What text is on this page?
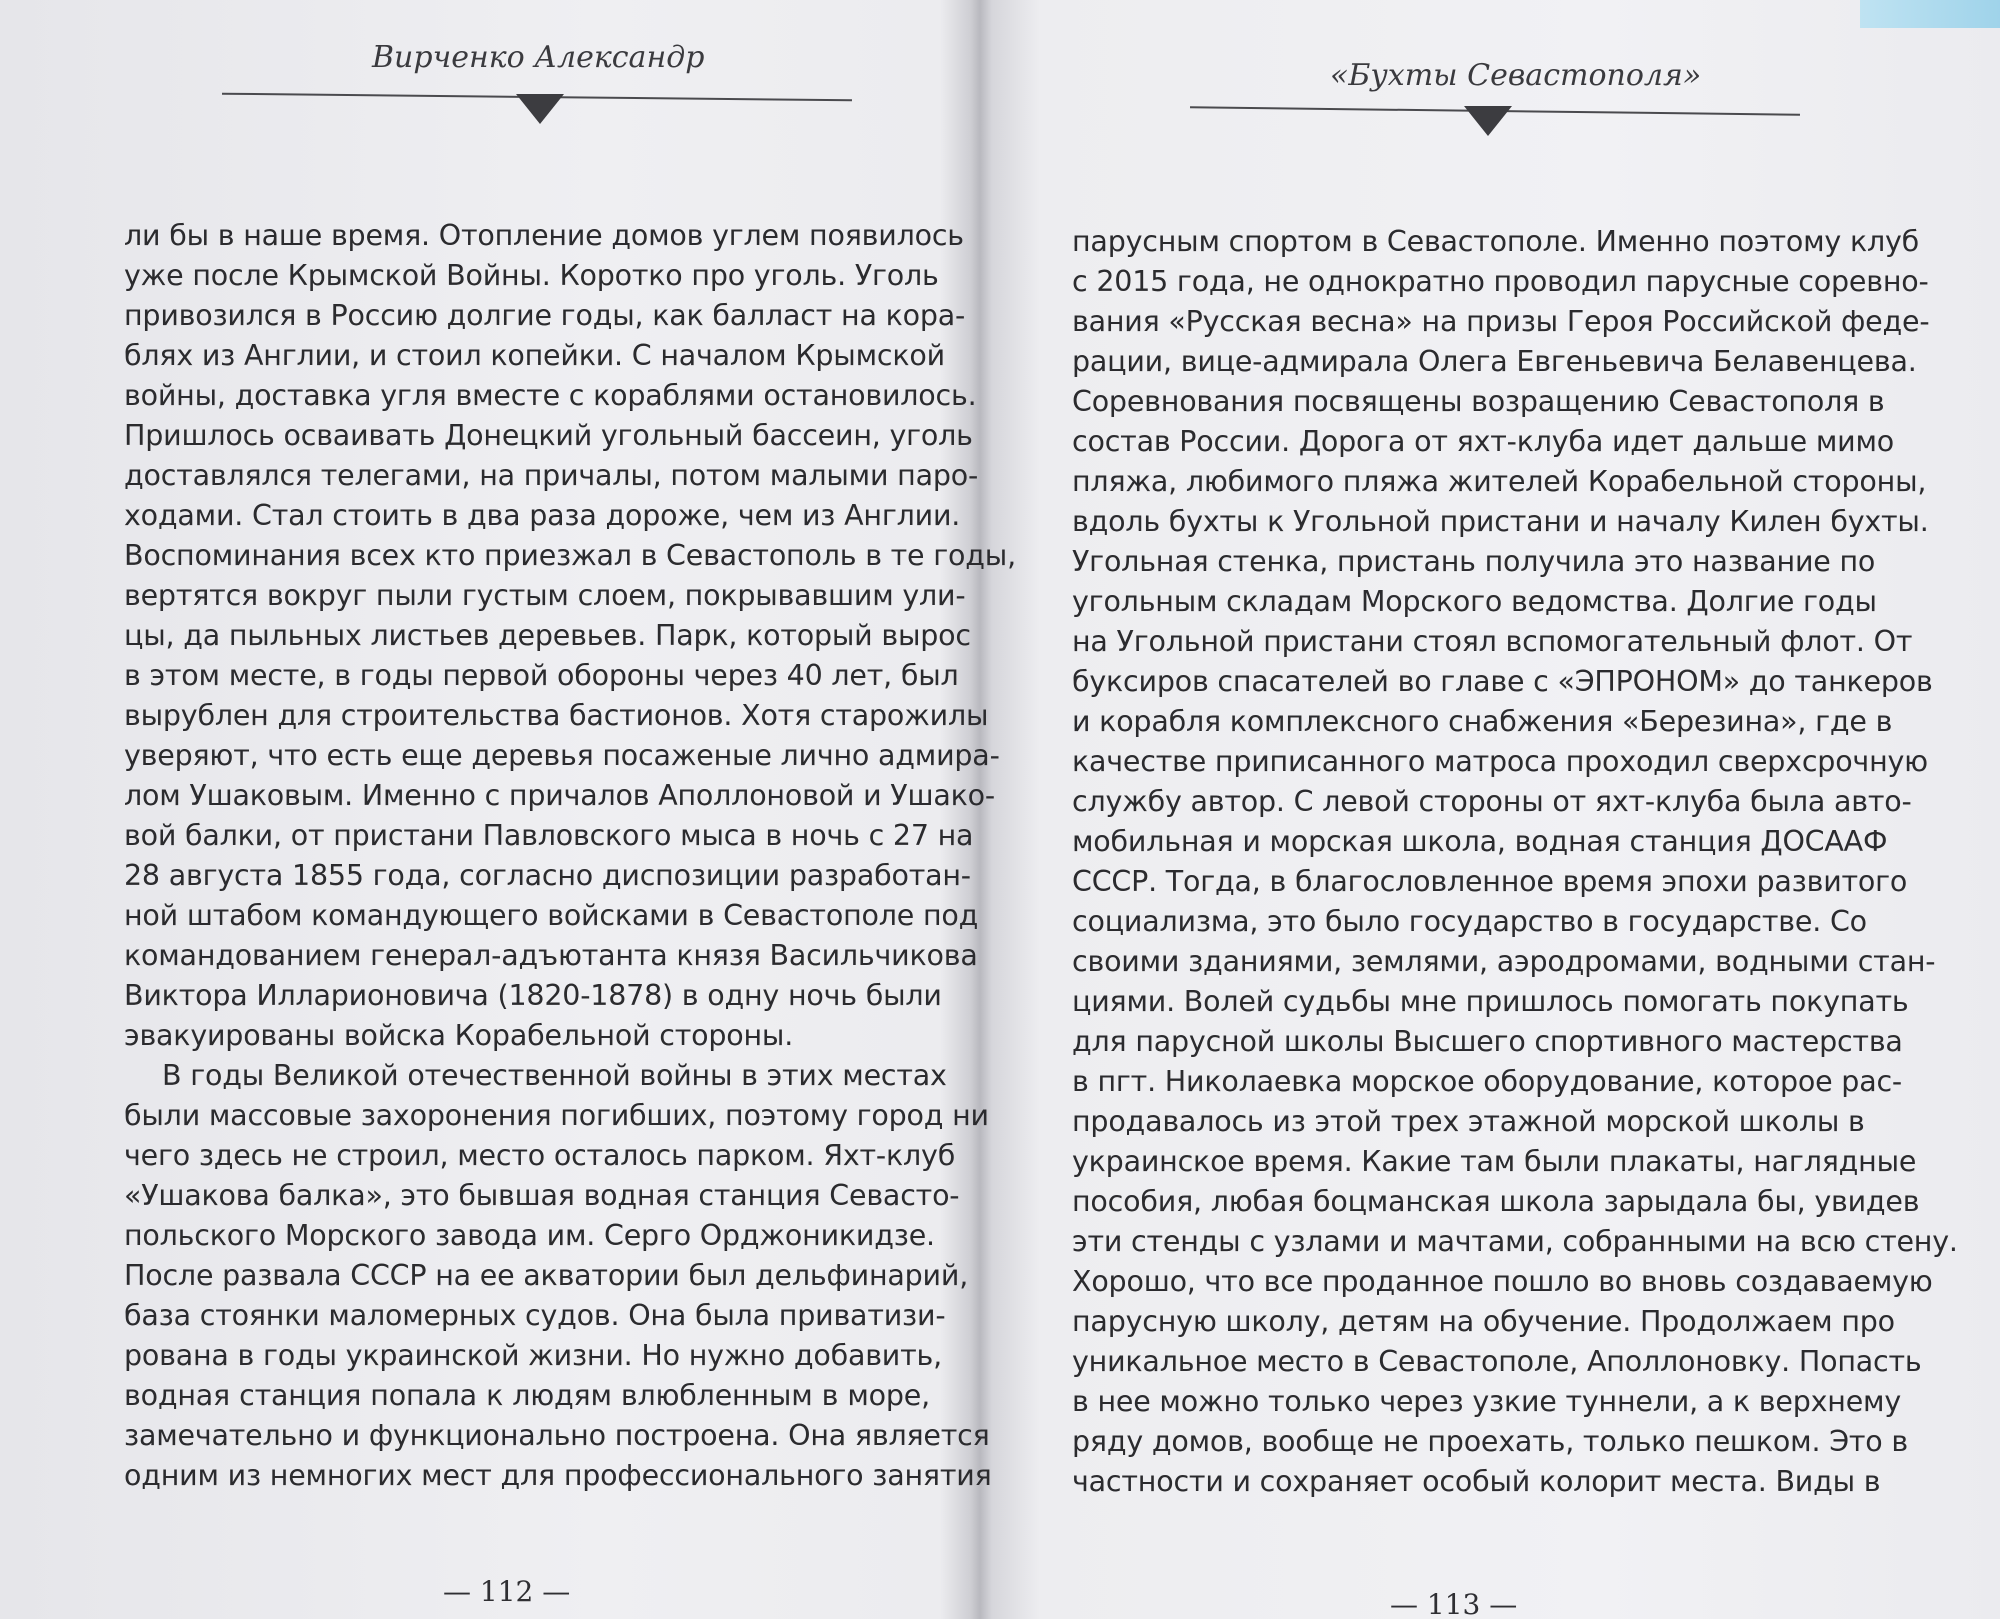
Вирченко Александр
ли бы в наше время. Отопление домов углем появилось
уже после Крымской Войны. Коротко про уголь. Уголь
привозился в Россию долгие годы, как балласт на кора-
блях из Англии, и стоил копейки. С началом Крымской
войны, доставка угля вместе с кораблями остановилось.
Пришлось осваивать Донецкий угольный бассеин, уголь
доставлялся телегами, на причалы, потом малыми паро-
ходами. Стал стоить в два раза дороже, чем из Англии.
Воспоминания всех кто приезжал в Севастополь в те годы,
вертятся вокруг пыли густым слоем, покрывавшим ули-
цы, да пыльных листьев деревьев. Парк, который вырос
в этом месте, в годы первой обороны через 40 лет, был
вырублен для строительства бастионов. Хотя старожилы
уверяют, что есть еще деревья посаженые лично адмира-
лом Ушаковым. Именно с причалов Аполлоновой и Ушако-
вой балки, от пристани Павловского мыса в ночь с 27 на
28 августа 1855 года, согласно диспозиции разработан-
ной штабом командующего войсками в Севастополе под
командованием генерал-адъютанта князя Васильчикова
Виктора Илларионовича (1820-1878) в одну ночь были
эвакуированы войска Корабельной стороны.
В годы Великой отечественной войны в этих местах
были массовые захоронения погибших, поэтому город ни
чего здесь не строил, место осталось парком. Яхт-клуб
«Ушакова балка», это бывшая водная станция Севасто-
польского Морского завода им. Серго Орджоникидзе.
После развала СССР на ее акватории был дельфинарий,
база стоянки маломерных судов. Она была приватизи-
рована в годы украинской жизни. Но нужно добавить,
водная станция попала к людям влюбленным в море,
замечательно и функционально построена. Она является
одним из немногих мест для профессионального занятия
— 112 —
«Бухты Севастополя»
парусным спортом в Севастополе. Именно поэтому клуб
с 2015 года, не однократно проводил парусные соревно-
вания «Русская весна» на призы Героя Российской феде-
рации, вице-адмирала Олега Евгеньевича Белавенцева.
Соревнования посвящены возращению Севастополя в
состав России. Дорога от яхт-клуба идет дальше мимо
пляжа, любимого пляжа жителей Корабельной стороны,
вдоль бухты к Угольной пристани и началу Килен бухты.
Угольная стенка, пристань получила это название по
угольным складам Морского ведомства. Долгие годы
на Угольной пристани стоял вспомогательный флот. От
буксиров спасателей во главе с «ЭПРОНОМ» до танкеров
и корабля комплексного снабжения «Березина», где в
качестве приписанного матроса проходил сверхсрочную
службу автор. С левой стороны от яхт-клуба была авто-
мобильная и морская школа, водная станция ДОСААФ
СССР. Тогда, в благословленное время эпохи развитого
социализма, это было государство в государстве. Со
своими зданиями, землями, аэродромами, водными стан-
циями. Волей судьбы мне пришлось помогать покупать
для парусной школы Высшего спортивного мастерства
в пгт. Николаевка морское оборудование, которое рас-
продавалось из этой трех этажной морской школы в
украинское время. Какие там были плакаты, наглядные
пособия, любая боцманская школа зарыдала бы, увидев
эти стенды с узлами и мачтами, собранными на всю стену.
Хорошо, что все проданное пошло во вновь создаваемую
парусную школу, детям на обучение. Продолжаем про
уникальное место в Севастополе, Аполлоновку. Попасть
в нее можно только через узкие туннели, а к верхнему
ряду домов, вообще не проехать, только пешком. Это в
частности и сохраняет особый колорит места. Виды в
— 113 —
